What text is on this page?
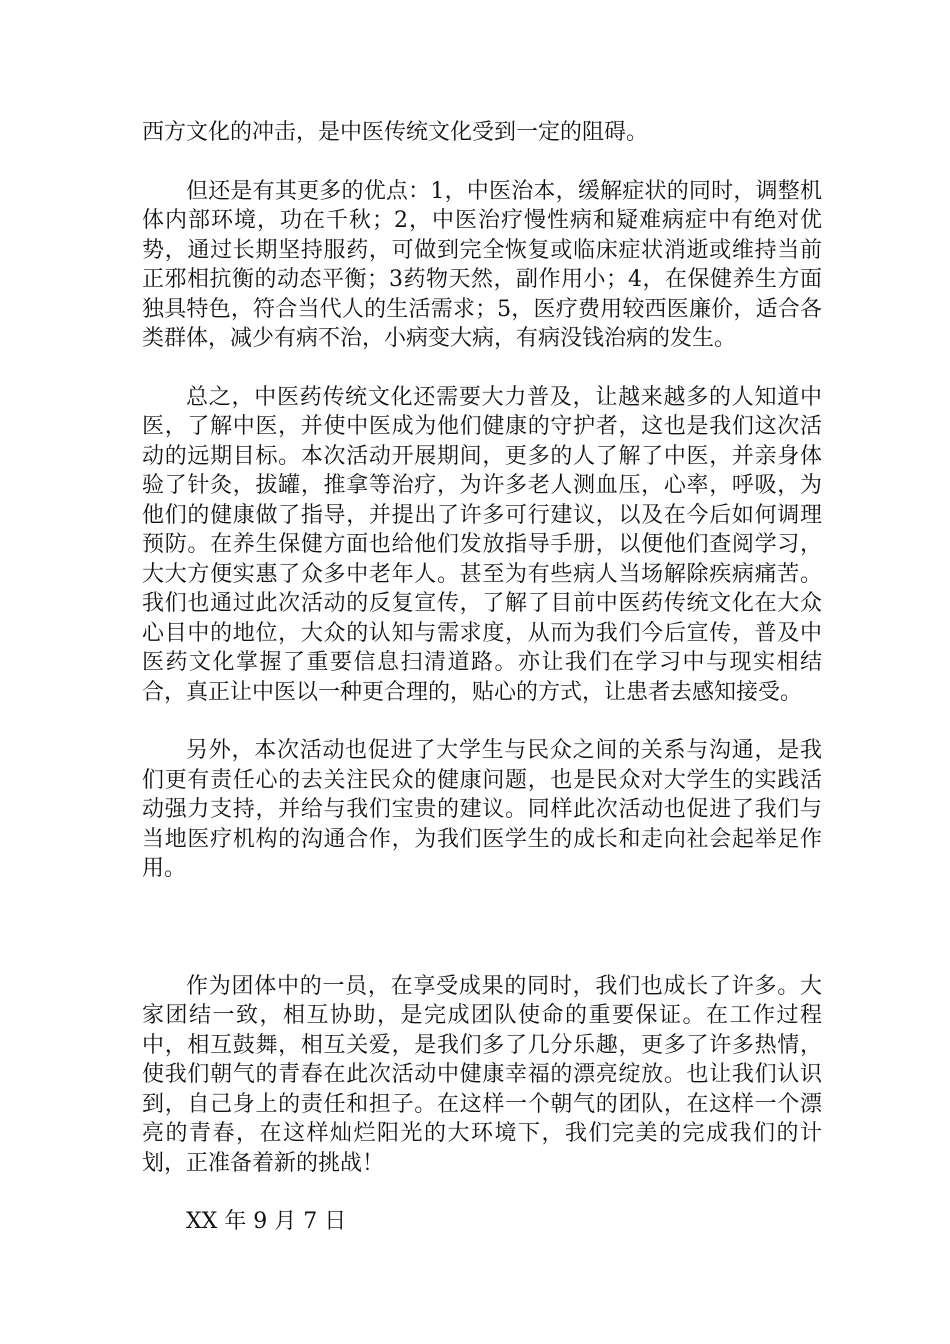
西方文化的冲击，是中医传统文化受到一定的阻碍。

但还是有其更多的优点：1，中医治本，缓解症状的同时，调整机体内部环境，功在千秋；2，中医治疗慢性病和疑难病症中有绝对优势，通过长期坚持服药，可做到完全恢复或临床症状消逝或维持当前正邪相抗衡的动态平衡；3药物天然，副作用小；4，在保健养生方面独具特色，符合当代人的生活需求；5，医疗费用较西医廉价，适合各类群体，减少有病不治，小病变大病，有病没钱治病的发生。

总之，中医药传统文化还需要大力普及，让越来越多的人知道中医，了解中医，并使中医成为他们健康的守护者，这也是我们这次活动的远期目标。本次活动开展期间，更多的人了解了中医，并亲身体验了针灸，拔罐，推拿等治疗，为许多老人测血压，心率，呼吸，为他们的健康做了指导，并提出了许多可行建议，以及在今后如何调理预防。在养生保健方面也给他们发放指导手册，以便他们查阅学习，大大方便实惠了众多中老年人。甚至为有些病人当场解除疾病痛苦。我们也通过此次活动的反复宣传，了解了目前中医药传统文化在大众心目中的地位，大众的认知与需求度，从而为我们今后宣传，普及中医药文化掌握了重要信息扫清道路。亦让我们在学习中与现实相结合，真正让中医以一种更合理的，贴心的方式，让患者去感知接受。

另外，本次活动也促进了大学生与民众之间的关系与沟通，是我们更有责任心的去关注民众的健康问题，也是民众对大学生的实践活动强力支持，并给与我们宝贵的建议。同样此次活动也促进了我们与当地医疗机构的沟通合作，为我们医学生的成长和走向社会起举足作用。

作为团体中的一员，在享受成果的同时，我们也成长了许多。大家团结一致，相互协助，是完成团队使命的重要保证。在工作过程中，相互鼓舞，相互关爱，是我们多了几分乐趣，更多了许多热情，使我们朝气的青春在此次活动中健康幸福的漂亮绽放。也让我们认识到，自己身上的责任和担子。在这样一个朝气的团队，在这样一个漂亮的青春，在这样灿烂阳光的大环境下，我们完美的完成我们的计划，正准备着新的挑战！

XX 年 9 月 7 日
